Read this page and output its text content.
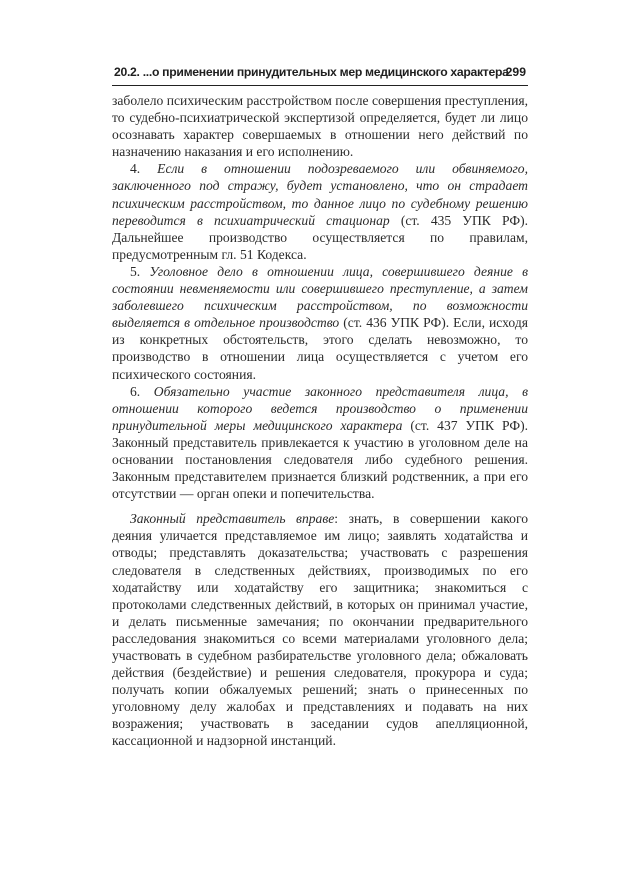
20.2. ...о применении принудительных мер медицинского характера
299

заболело психическим расстройством после совершения преступления, то судебно-психиатрической экспертизой определяется, будет ли лицо осознавать характер совершаемых в отношении него действий по назначению наказания и его исполнению.

4. Если в отношении подозреваемого или обвиняемого, заключенного под стражу, будет установлено, что он страдает психическим расстройством, то данное лицо по судебному решению переводится в психиатрический стационар (ст. 435 УПК РФ). Дальнейшее производство осуществляется по правилам, предусмотренным гл. 51 Кодекса.

5. Уголовное дело в отношении лица, совершившего деяние в состоянии невменяемости или совершившего преступление, а затем заболевшего психическим расстройством, по возможности выделяется в отдельное производство (ст. 436 УПК РФ). Если, исходя из конкретных обстоятельств, этого сделать невозможно, то производство в отношении лица осуществляется с учетом его психического состояния.

6. Обязательно участие законного представителя лица, в отношении которого ведется производство о применении принудительной меры медицинского характера (ст. 437 УПК РФ). Законный представитель привлекается к участию в уголовном деле на основании постановления следователя либо судебного решения. Законным представителем признается близкий родственник, а при его отсутствии — орган опеки и попечительства.

Законный представитель вправе: знать, в совершении какого деяния уличается представляемое им лицо; заявлять ходатайства и отводы; представлять доказательства; участвовать с разрешения следователя в следственных действиях, производимых по его ходатайству или ходатайству его защитника; знакомиться с протоколами следственных действий, в которых он принимал участие, и делать письменные замечания; по окончании предварительного расследования знакомиться со всеми материалами уголовного дела; участвовать в судебном разбирательстве уголовного дела; обжаловать действия (бездействие) и решения следователя, прокурора и суда; получать копии обжалуемых решений; знать о принесенных по уголовному делу жалобах и представлениях и подавать на них возражения; участвовать в заседании судов апелляционной, кассационной и надзорной инстанций.
